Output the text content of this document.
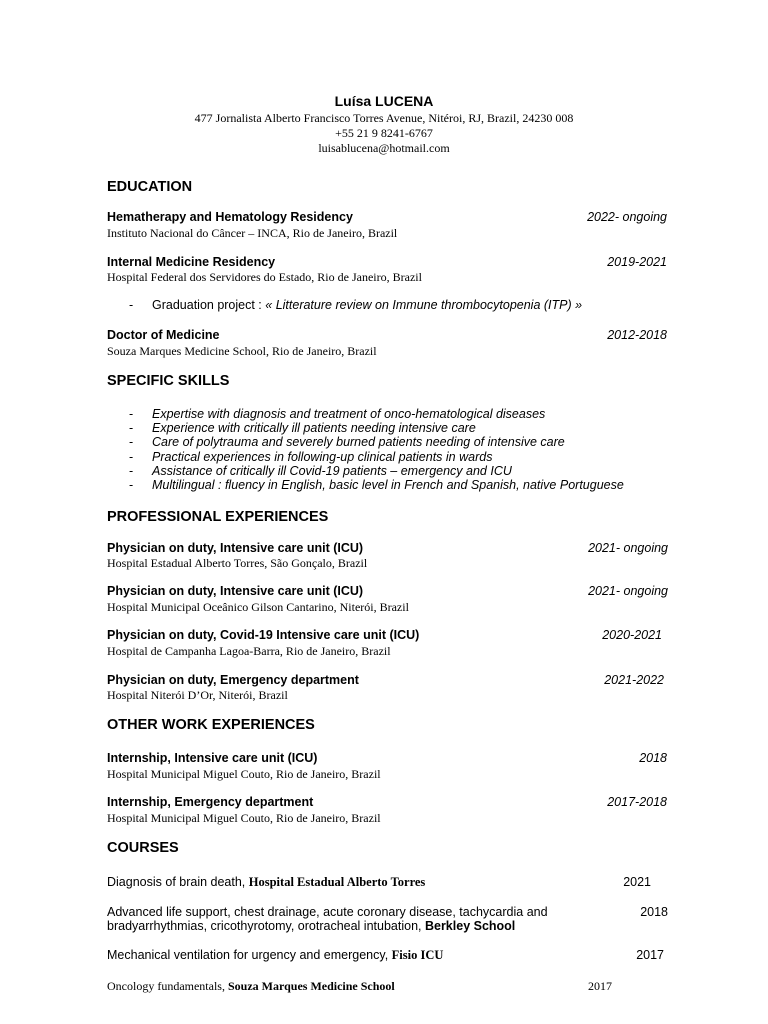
Luísa LUCENA
477 Jornalista Alberto Francisco Torres Avenue, Nitéroi, RJ, Brazil, 24230 008
+55 21 9 8241-6767
luisablucena@hotmail.com
EDUCATION
Hematherapy and Hematology Residency	2022- ongoing
Instituto Nacional do Câncer – INCA, Rio de Janeiro, Brazil
Internal Medicine Residency	2019-2021
Hospital Federal dos Servidores do Estado, Rio de Janeiro, Brazil
- Graduation project : « Litterature review on Immune thrombocytopenia (ITP) »
Doctor of Medicine	2012-2018
Souza Marques Medicine School, Rio de Janeiro, Brazil
SPECIFIC SKILLS
- Expertise with diagnosis and treatment of onco-hematological diseases
- Experience with critically ill patients needing intensive care
- Care of polytrauma and severely burned patients needing of intensive care
- Practical experiences in following-up clinical patients in wards
- Assistance of critically ill Covid-19 patients – emergency and ICU
- Multilingual : fluency in English, basic level in French and Spanish, native Portuguese
PROFESSIONAL EXPERIENCES
Physician on duty, Intensive care unit (ICU)	2021- ongoing
Hospital Estadual Alberto Torres, São Gonçalo, Brazil
Physician on duty, Intensive care unit (ICU)	2021- ongoing
Hospital Municipal Oceânico Gilson Cantarino, Niterói, Brazil
Physician on duty, Covid-19 Intensive care unit (ICU)	2020-2021
Hospital de Campanha Lagoa-Barra, Rio de Janeiro, Brazil
Physician on duty, Emergency department	2021-2022
Hospital Niterói D’Or, Niterói, Brazil
OTHER WORK EXPERIENCES
Internship, Intensive care unit (ICU)	2018
Hospital Municipal Miguel Couto, Rio de Janeiro, Brazil
Internship, Emergency department	2017-2018
Hospital Municipal Miguel Couto, Rio de Janeiro, Brazil
COURSES
Diagnosis of brain death, Hospital Estadual Alberto Torres	2021
Advanced life support, chest drainage, acute coronary disease, tachycardia and
bradyarrhythmias, cricothyrotomy, orotracheal intubation, Berkley School
2018
Mechanical ventilation for urgency and emergency, Fisio ICU	2017
Oncology fundamentals, Souza Marques Medicine School	2017
